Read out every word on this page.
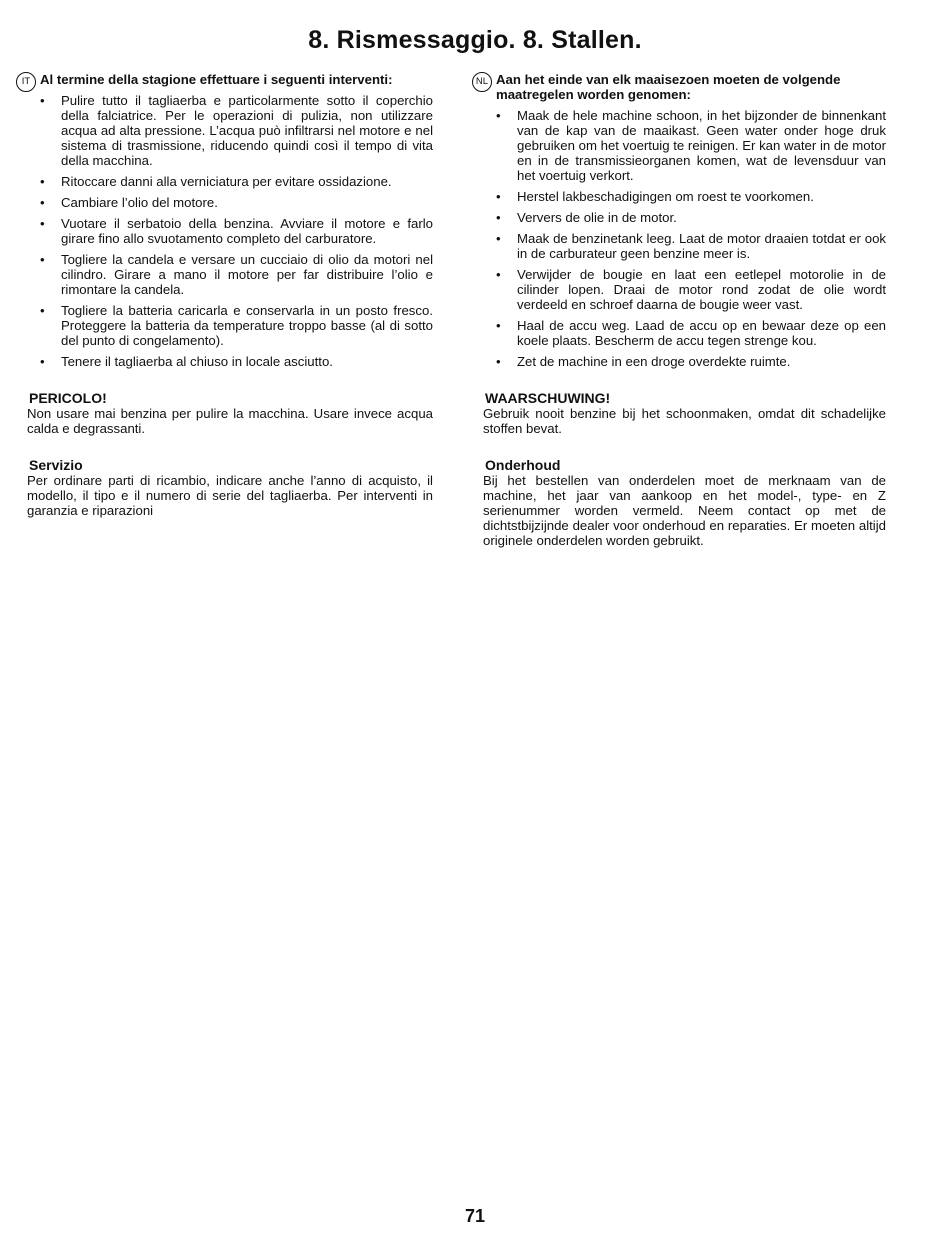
8. Rismessaggio. 8. Stallen.
IT Al termine della stagione effettuare i seguenti interventi:
• Pulire tutto il tagliaerba e particolarmente sotto il coperchio della falciatrice. Per le operazioni di pulizia, non utilizzare acqua ad alta pressione. L’acqua può infiltrarsi nel motore e nel sistema di trasmissione, riducendo quindi così il tempo di vita della macchina.
• Ritoccare danni alla verniciatura per evitare ossidazione.
• Cambiare l’olio del motore.
• Vuotare il serbatoio della benzina. Avviare il motore e farlo girare fino allo svuotamento completo del carburatore.
• Togliere la candela e versare un cucciaio di olio da motori nel cilindro. Girare a mano il motore per far distribuire l’olio e rimontare la candela.
• Togliere la batteria caricarla e conservarla in un posto fresco. Proteggere la batteria da temperature troppo basse (al di sotto del punto di congelamento).
• Tenere il tagliaerba al chiuso in locale asciutto.
PERICOLO!
Non usare mai benzina per pulire la macchina. Usare invece acqua calda e degrassanti.
Servizio
Per ordinare parti di ricambio, indicare anche l’anno di acquisto, il modello, il tipo e il numero di serie del tagliaerba. Per interventi in garanzia e riparazioni
NL Aan het einde van elk maaisezoen moeten de volgende maatregelen worden genomen:
• Maak de hele machine schoon, in het bijzonder de binnenkant van de kap van de maaikast. Geen water onder hoge druk gebruiken om het voertuig te reinigen. Er kan water in de motor en in de transmissieorganen komen, wat de levensduur van het voertuig verkort.
• Herstel lakbeschadigingen om roest te voorkomen.
• Ververs de olie in de motor.
• Maak de benzinetank leeg. Laat de motor draaien totdat er ook in de carburateur geen benzine meer is.
• Verwijder de bougie en laat een eetlepel motorolie in de cilinder lopen. Draai de motor rond zodat de olie wordt verdeeld en schroef daarna de bougie weer vast.
• Haal de accu weg. Laad de accu op en bewaar deze op een koele plaats. Bescherm de accu tegen strenge kou.
• Zet de machine in een droge overdekte ruimte.
WAARSCHUWING!
Gebruik nooit benzine bij het schoonmaken, omdat dit schadelijke stoffen bevat.
Onderhoud
Bij het bestellen van onderdelen moet de merknaam van de machine, het jaar van aankoop en het model-, type- en Z serienummer worden vermeld. Neem contact op met de dichtstbijzijnde dealer voor onderhoud en reparaties. Er moeten altijd originele onderdelen worden gebruikt.
71
